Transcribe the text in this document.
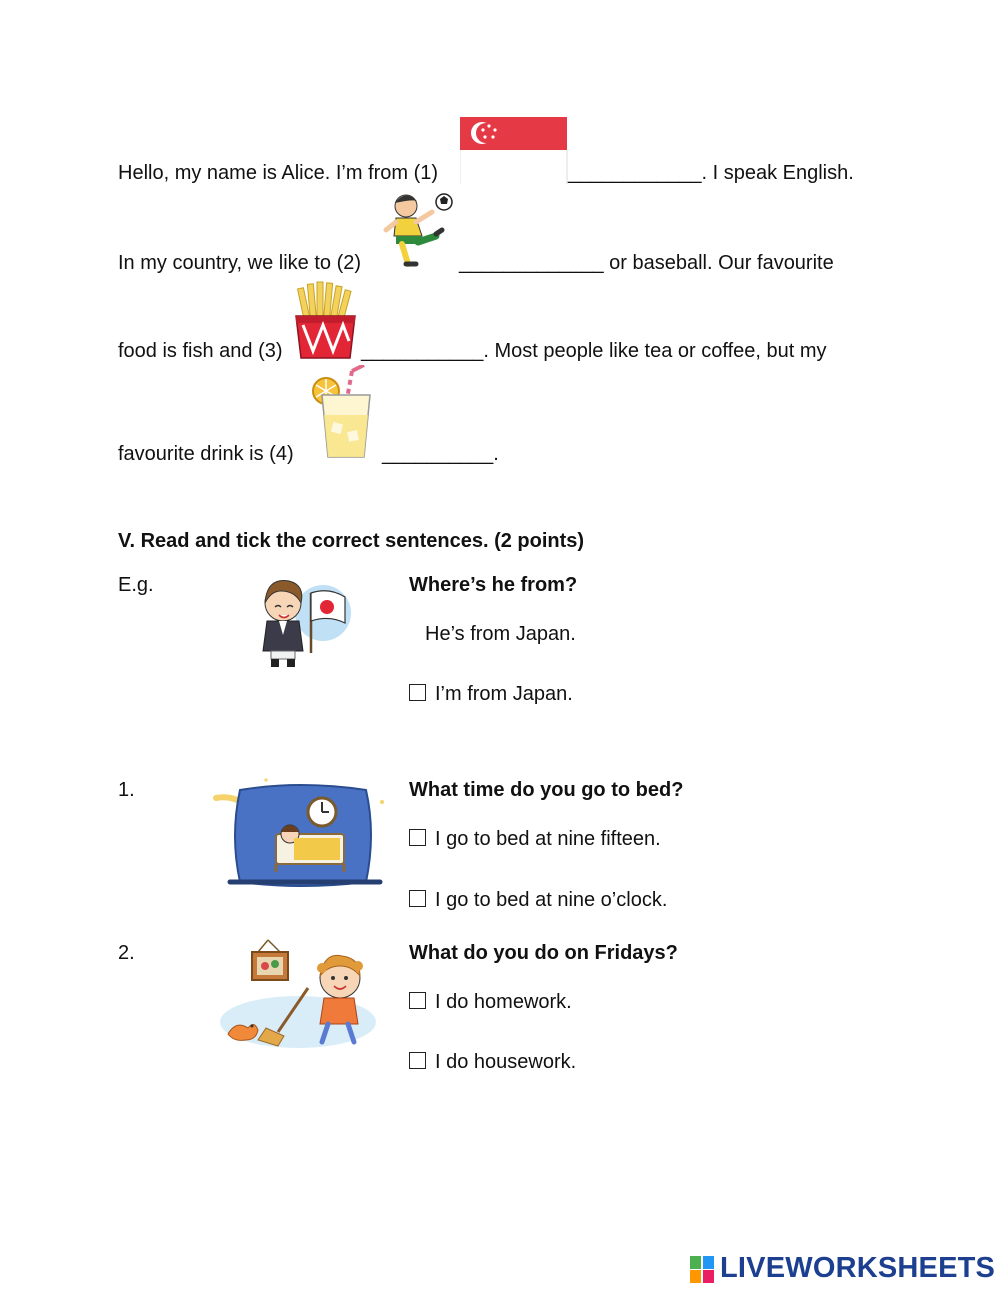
Hello, my name is Alice. I’m from (1)	____________. I speak English.
In my country, we like to (2)	_____________ or baseball. Our favourite
food is fish and (3)	___________. Most people like tea or coffee, but my
favourite drink is (4)	__________.
V. Read and tick the correct sentences. (2 points)
E.g.	Where’s he from?
He’s from Japan.
I’m from Japan.
1.	What time do you go to bed?
I go to bed at nine fifteen.
I go to bed at nine o’clock.
2.	What do you do on Fridays?
I do homework.
I do housework.
LIVEWORKSHEETS
